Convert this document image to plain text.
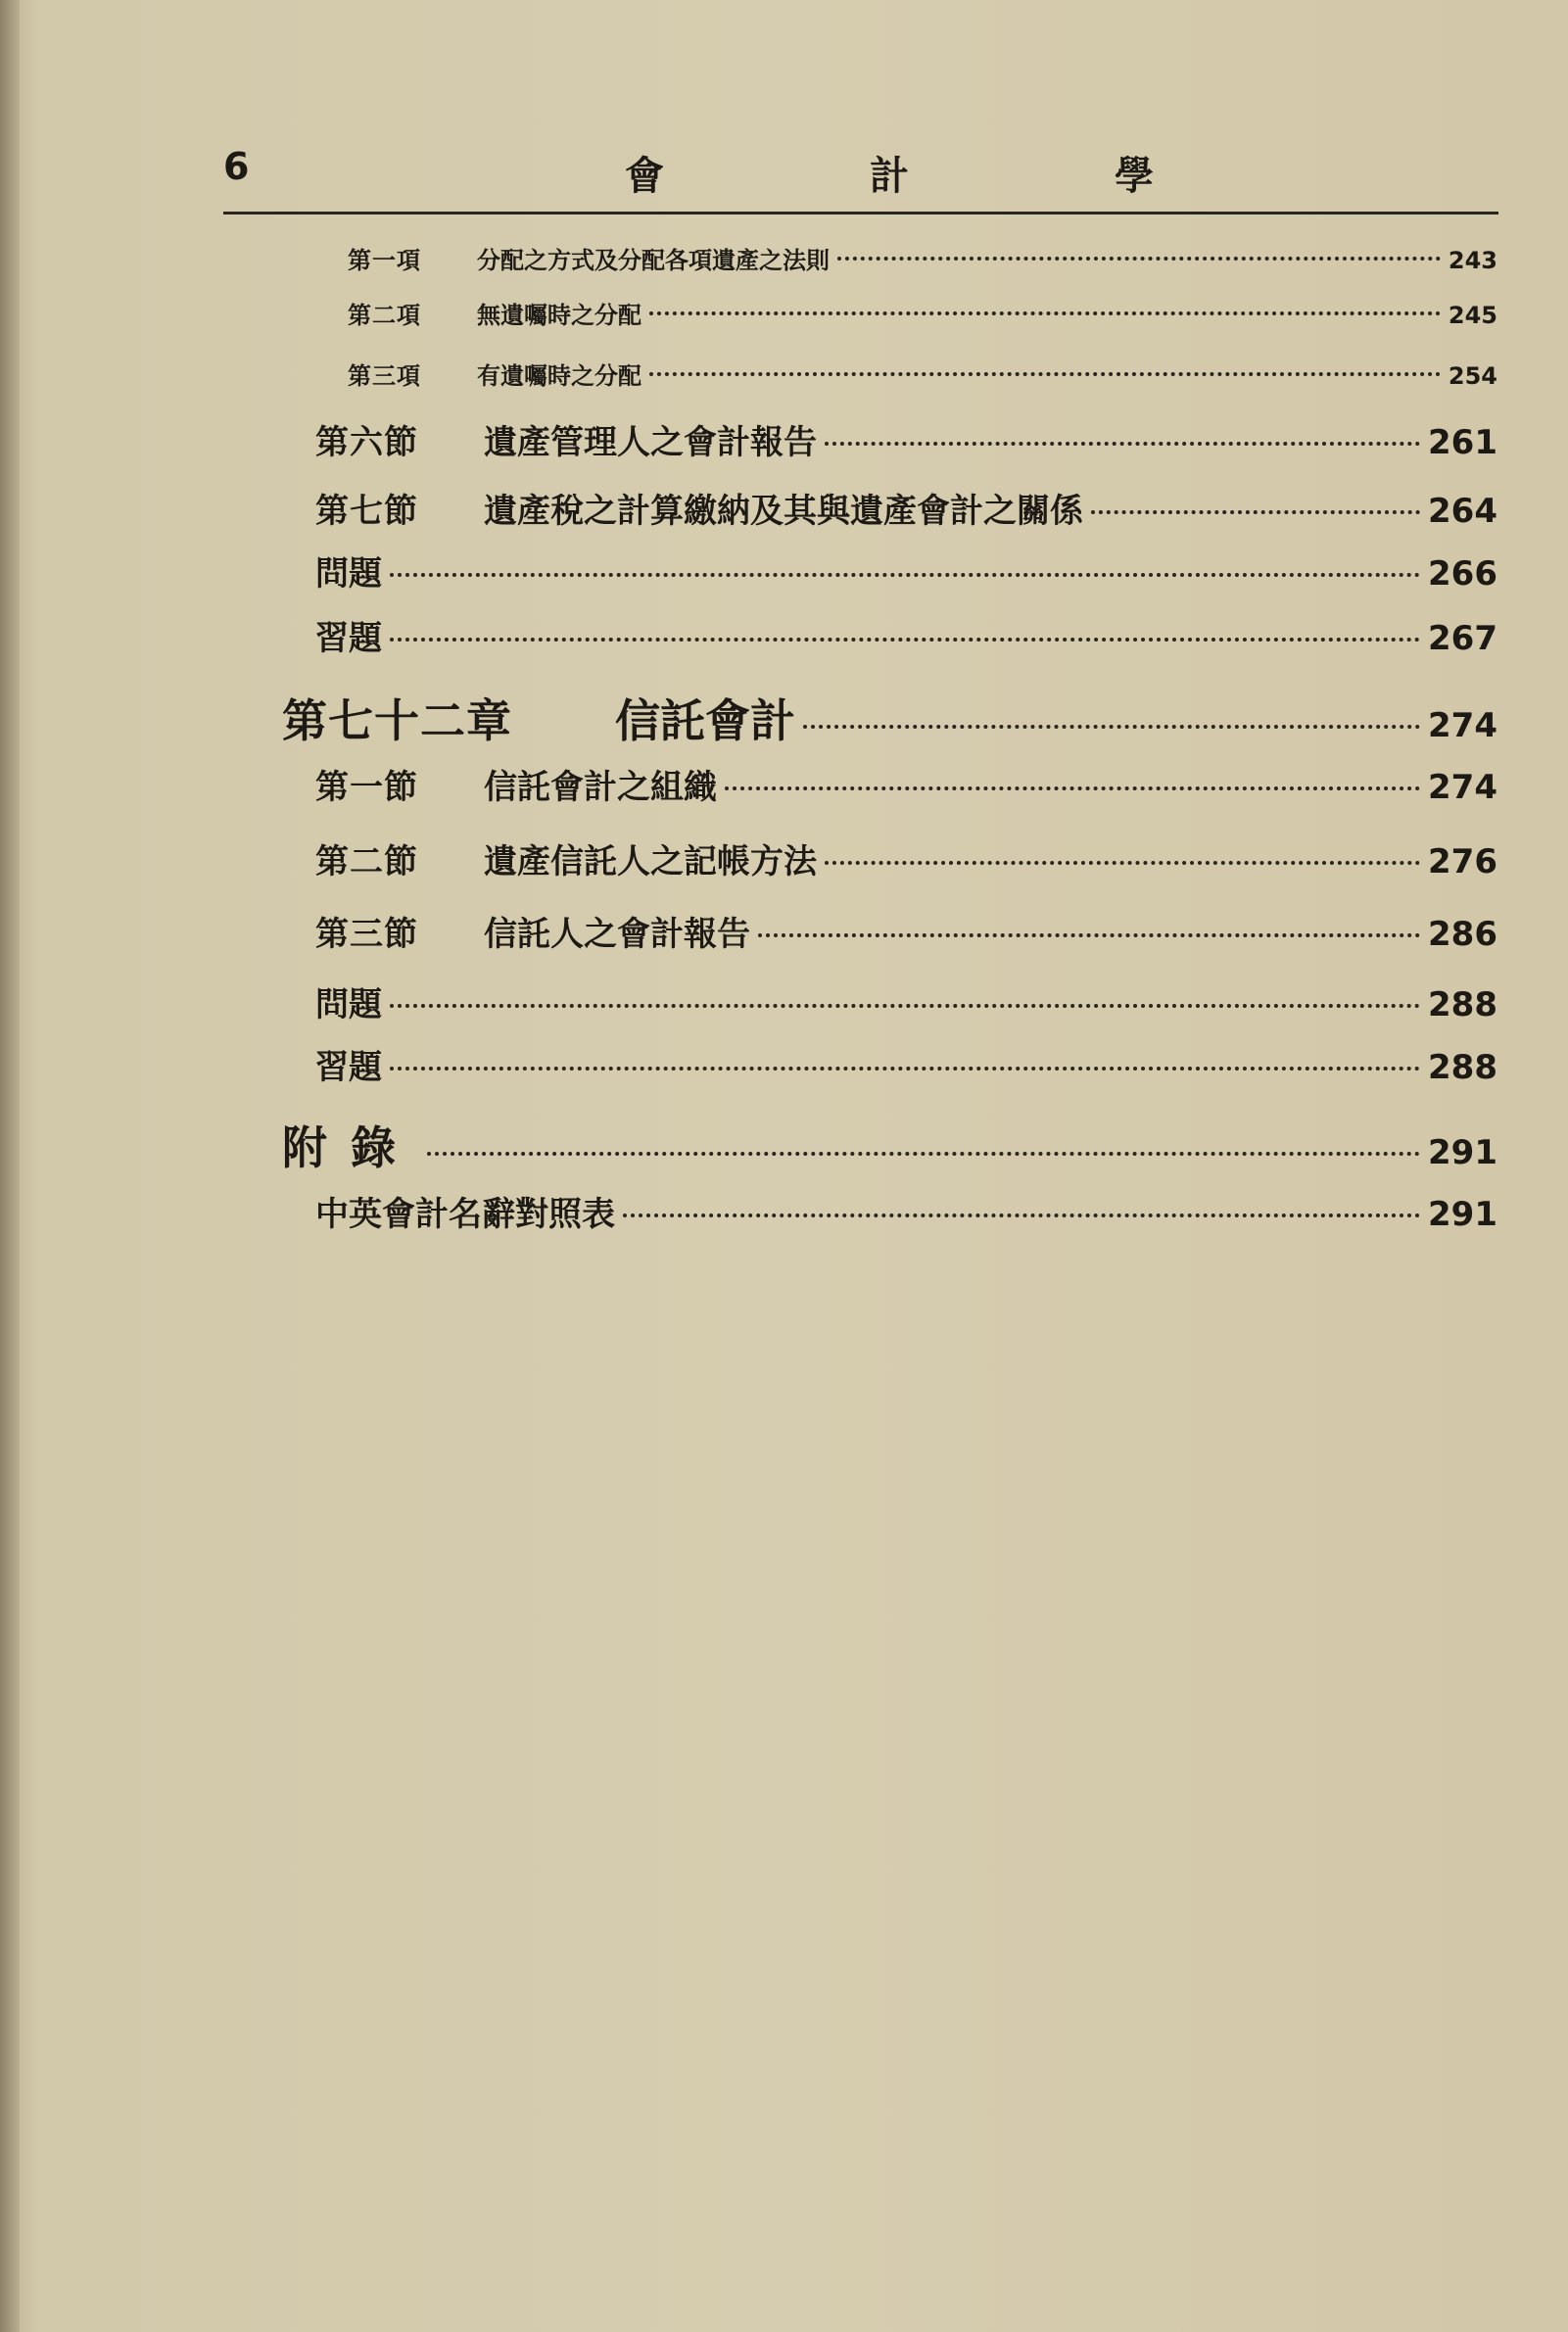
6	會	計	學
第一項	分配之方式及分配各項遺產之法則	243
第二項	無遺囑時之分配	245
第三項	有遺囑時之分配	254
第六節	遺產管理人之會計報告	261
第七節	遺產稅之計算繳納及其與遺產會計之關係	264
問題	266
習題	267
第七十二章	信託會計	274
第一節	信託會計之組織	274
第二節	遺產信託人之記帳方法	276
第三節	信託人之會計報告	286
問題	288
習題	288
附錄	291
中英會計名辭對照表	291
